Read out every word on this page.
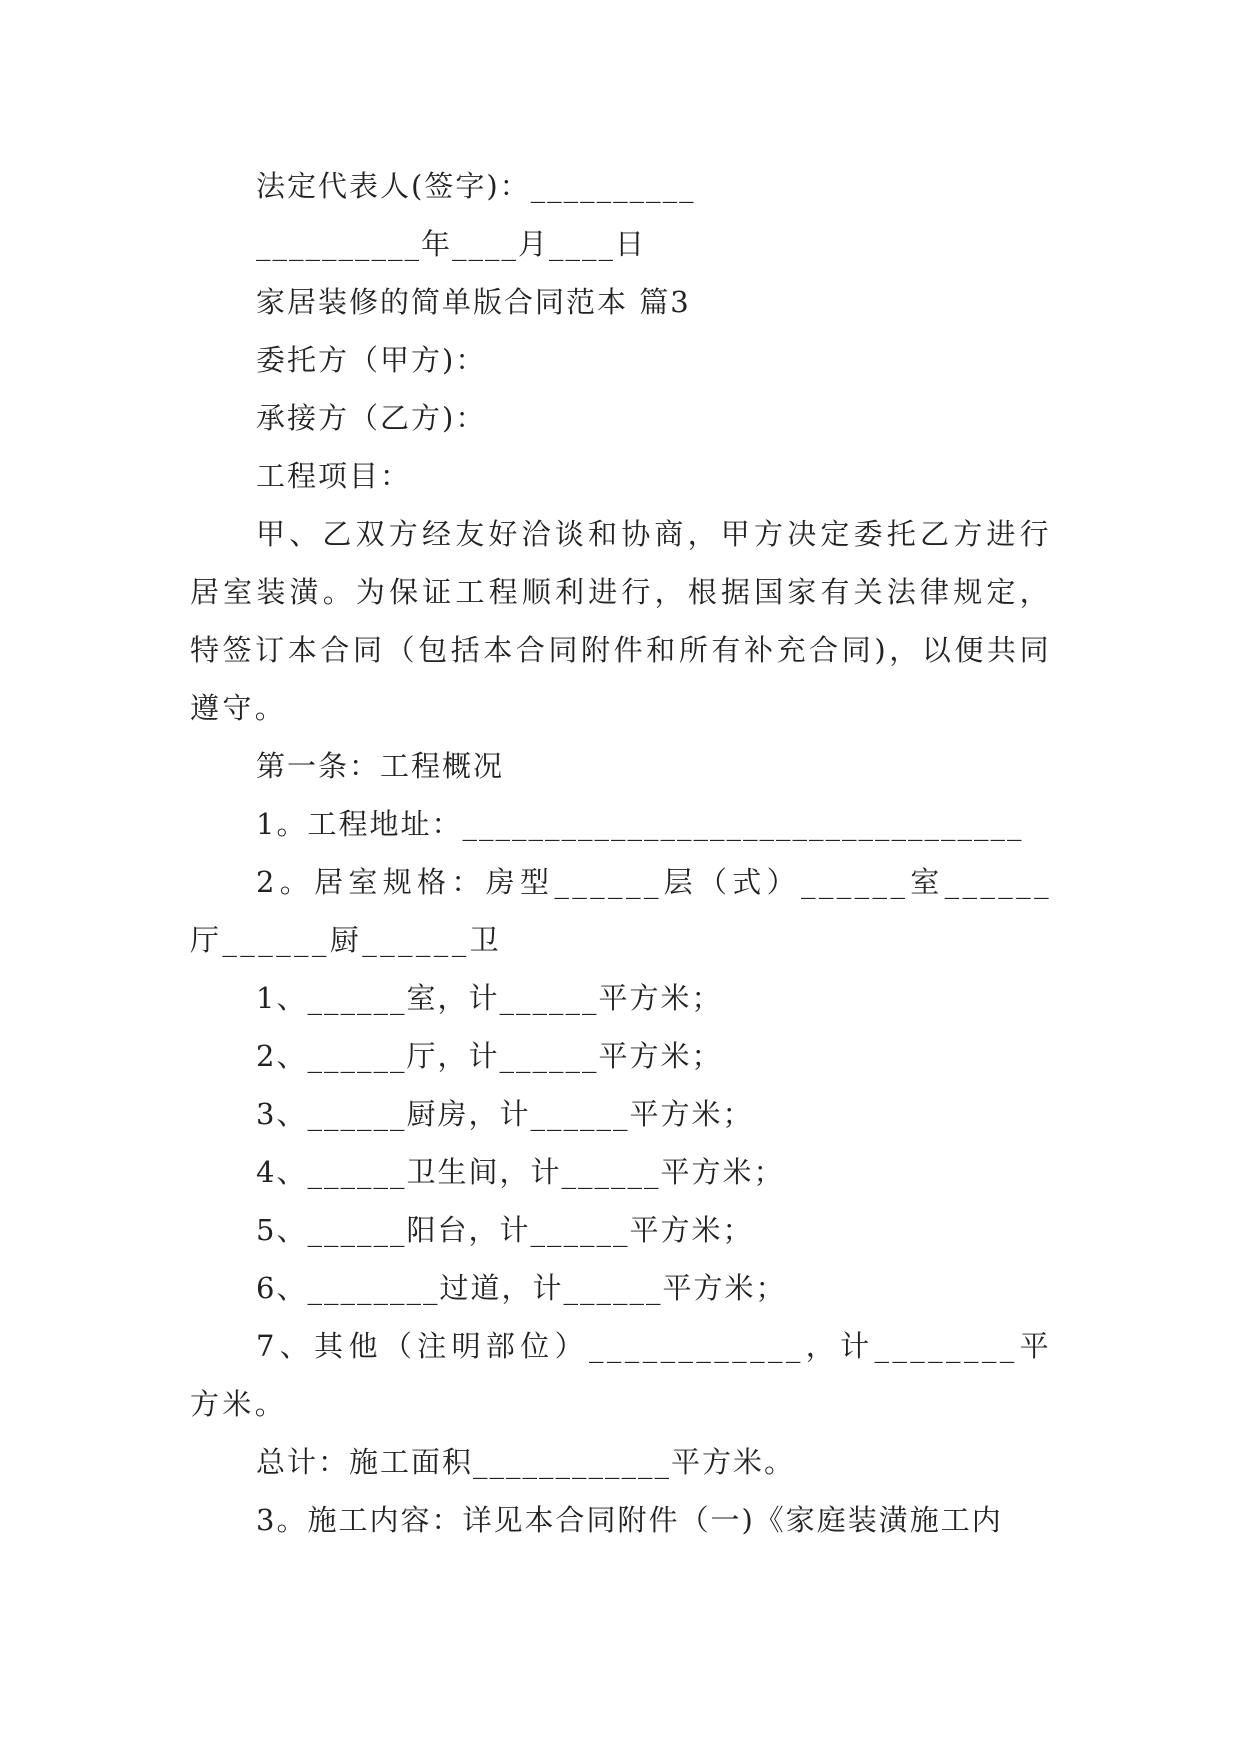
法定代表人(签字)：__________

__________年____月____日

家居装修的简单版合同范本 篇3

委托方（甲方)：

承接方（乙方)：

工程项目：

甲、乙双方经友好洽谈和协商，甲方决定委托乙方进行居室装潢。为保证工程顺利进行，根据国家有关法律规定，特签订本合同（包括本合同附件和所有补充合同)，以便共同遵守。

第一条：工程概况

1。工程地址：__________________________________

2。居室规格：房型______层（式）______室______厅______厨______卫

1、______室，计______平方米；

2、______厅，计______平方米；

3、______厨房，计______平方米；

4、______卫生间，计______平方米；

5、______阳台，计______平方米；

6、________过道，计______平方米；

7、其他（注明部位）____________，计________平方米。

总计：施工面积____________平方米。

3。施工内容：详见本合同附件（一)《家庭装潢施工内
